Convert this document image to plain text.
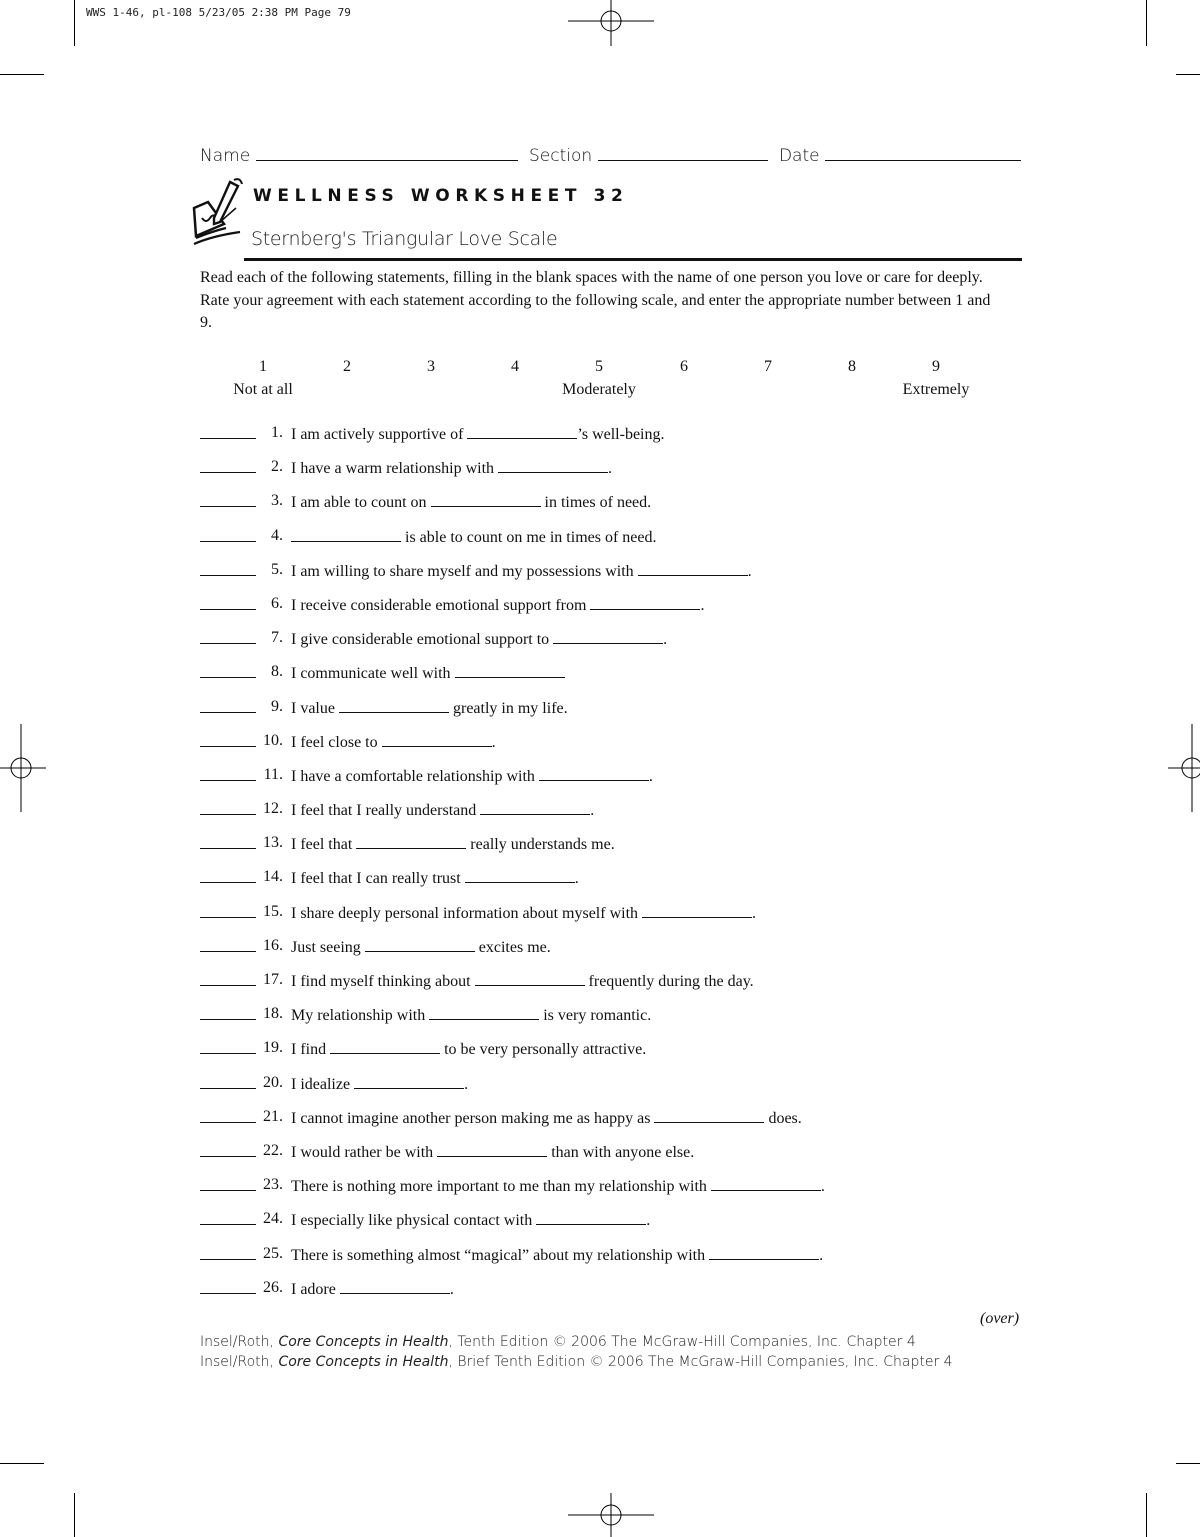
WWS 1-46, pl-108 5/23/05 2:38 PM Page 79
Name	Section	Date
WELLNESS WORKSHEET 32
Sternberg's Triangular Love Scale
Read each of the following statements, filling in the blank spaces with the name of one person you love or care for deeply. Rate your agreement with each statement according to the following scale, and enter the appropriate number between 1 and 9.
1	2	3	4	5	6	7	8	9
Not at all	Moderately	Extremely
1. I am actively supportive of	’s well-being.
2. I have a warm relationship with	.
3. I am able to count on	in times of need.
4.	is able to count on me in times of need.
5. I am willing to share myself and my possessions with	.
6. I receive considerable emotional support from	.
7. I give considerable emotional support to	.
8. I communicate well with
9. I value	greatly in my life.
10. I feel close to	.
11. I have a comfortable relationship with	.
12. I feel that I really understand	.
13. I feel that	really understands me.
14. I feel that I can really trust	.
15. I share deeply personal information about myself with	.
16. Just seeing	excites me.
17. I find myself thinking about	frequently during the day.
18. My relationship with	is very romantic.
19. I find	to be very personally attractive.
20. I idealize	.
21. I cannot imagine another person making me as happy as	does.
22. I would rather be with	than with anyone else.
23. There is nothing more important to me than my relationship with	.
24. I especially like physical contact with	.
25. There is something almost “magical” about my relationship with	.
26. I adore	.
(over)
Insel/Roth, Core Concepts in Health, Tenth Edition © 2006 The McGraw-Hill Companies, Inc. Chapter 4
Insel/Roth, Core Concepts in Health, Brief Tenth Edition © 2006 The McGraw-Hill Companies, Inc. Chapter 4
